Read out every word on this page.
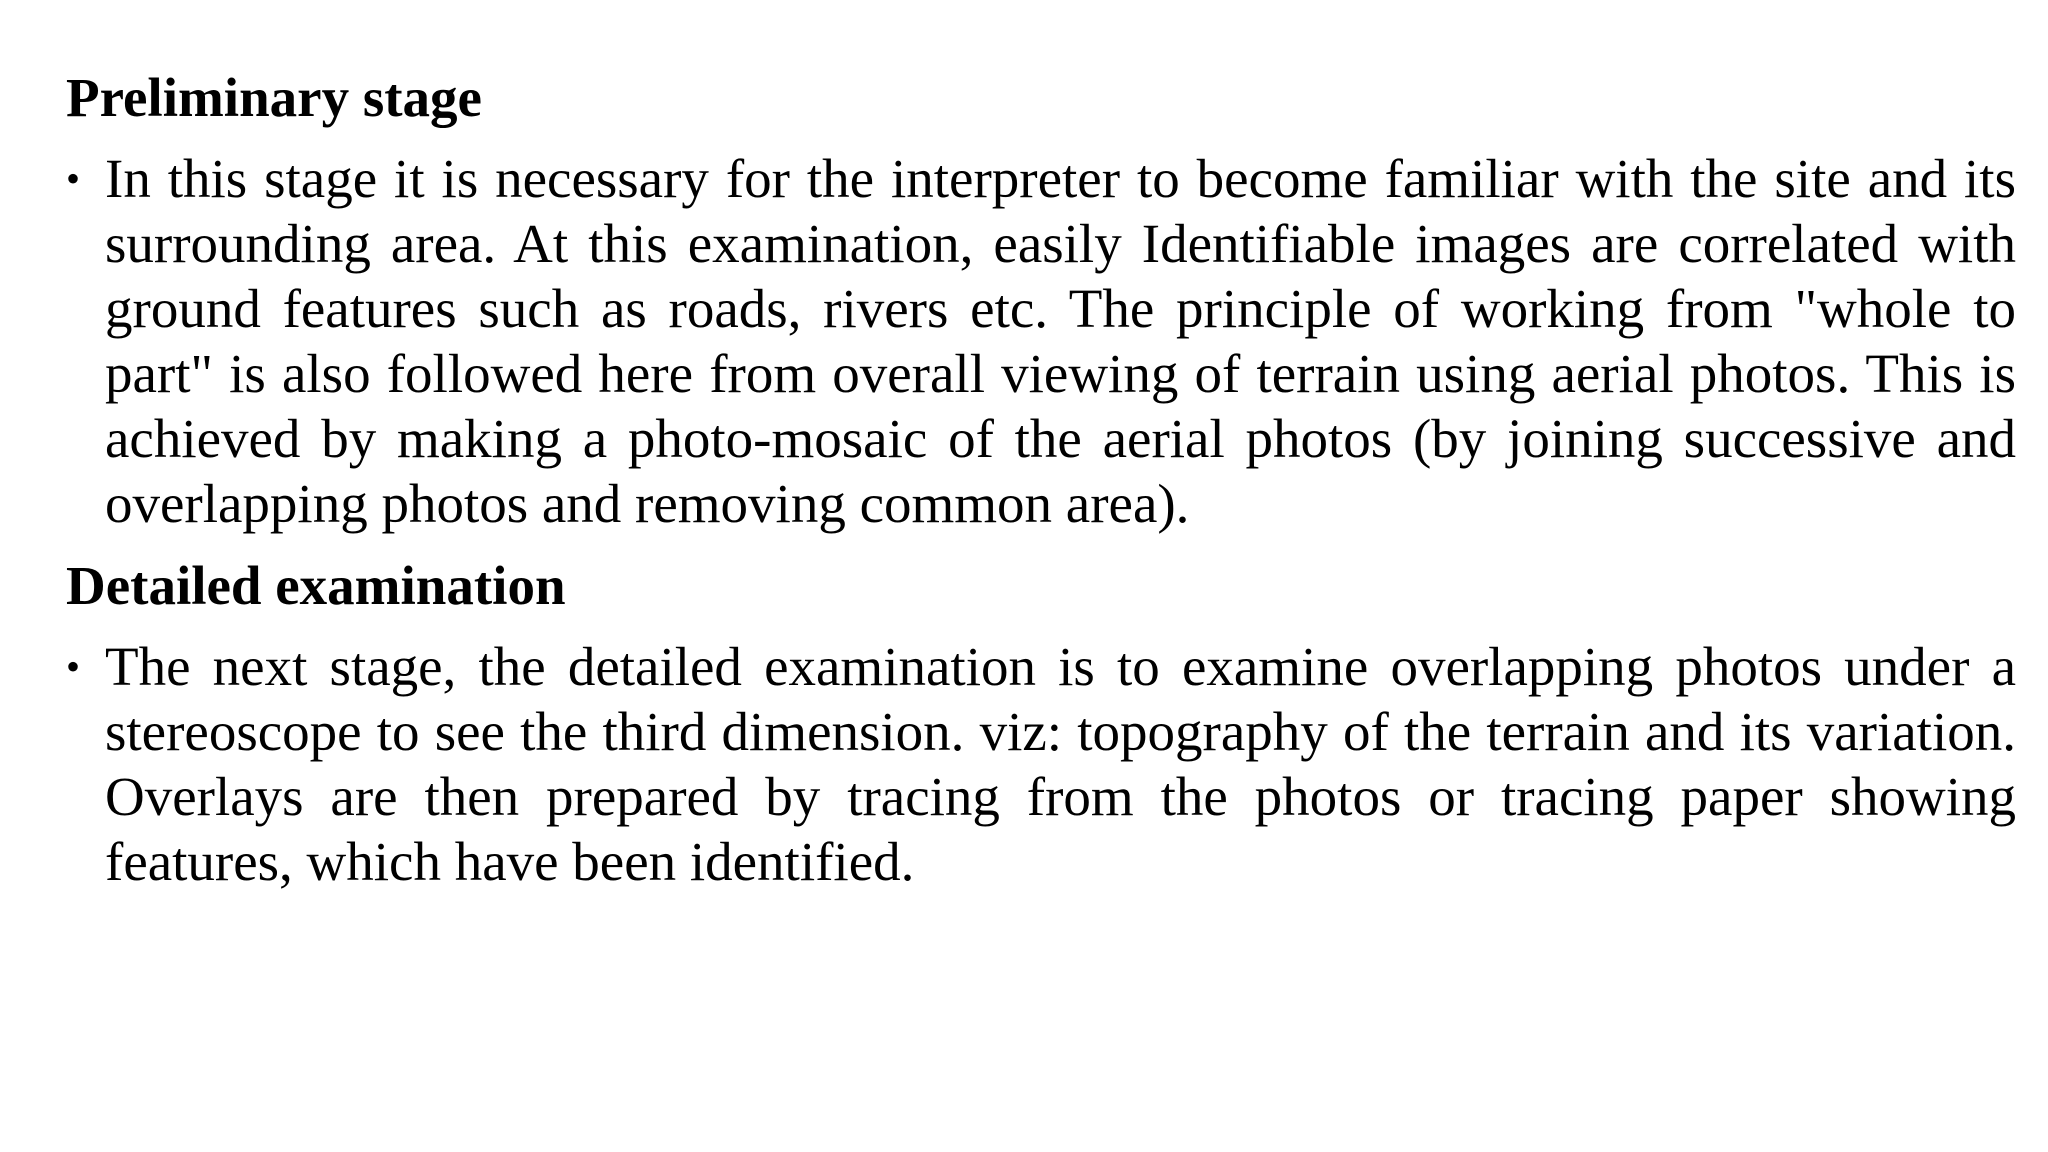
Preliminary stage
• In this stage it is necessary for the interpreter to become familiar with the site and its surrounding area. At this examination, easily Identifiable images are correlated with ground features such as roads, rivers etc. The principle of working from "whole to part" is also followed here from overall viewing of terrain using aerial photos. This is achieved by making a photo-mosaic of the aerial photos (by joining successive and overlapping photos and removing common area).

Detailed examination
• The next stage, the detailed examination is to examine overlapping photos under a stereoscope to see the third dimension. viz: topography of the terrain and its variation. Overlays are then prepared by tracing from the photos or tracing paper showing features, which have been identified.
